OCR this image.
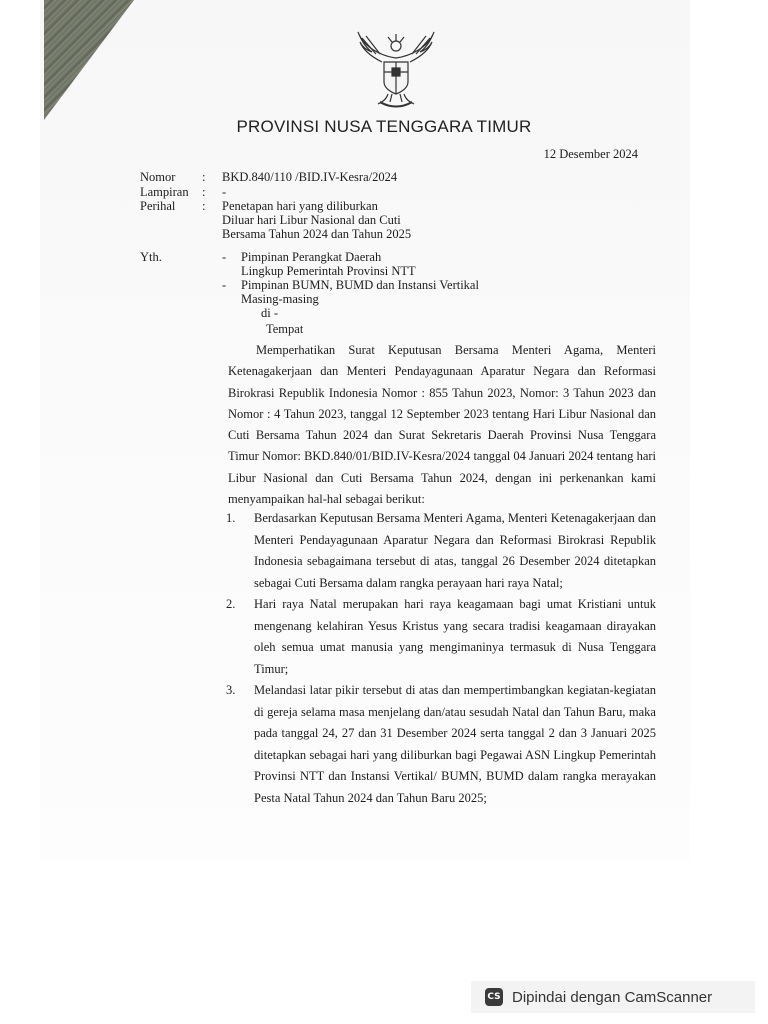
PROVINSI NUSA TENGGARA TIMUR
12 Desember 2024
Nomor : BKD.840/110 /BID.IV-Kesra/2024
Lampiran : -
Perihal : Penetapan hari yang diliburkan
Diluar hari Libur Nasional dan Cuti
Bersama Tahun 2024 dan Tahun 2025
Yth.	- Pimpinan Perangkat Daerah
Lingkup Pemerintah Provinsi NTT
- Pimpinan BUMN, BUMD dan Instansi Vertikal
Masing-masing
di -
Tempat

Memperhatikan Surat Keputusan Bersama Menteri Agama, Menteri Ketenagakerjaan dan Menteri Pendayagunaan Aparatur Negara dan Reformasi Birokrasi Republik Indonesia Nomor : 855 Tahun 2023, Nomor: 3 Tahun 2023 dan Nomor : 4 Tahun 2023, tanggal 12 September 2023 tentang Hari Libur Nasional dan Cuti Bersama Tahun 2024 dan Surat Sekretaris Daerah Provinsi Nusa Tenggara Timur Nomor: BKD.840/01/BID.IV-Kesra/2024 tanggal 04 Januari 2024 tentang hari Libur Nasional dan Cuti Bersama Tahun 2024, dengan ini perkenankan kami menyampaikan hal-hal sebagai berikut:

1.	Berdasarkan Keputusan Bersama Menteri Agama, Menteri Ketenagakerjaan dan Menteri Pendayagunaan Aparatur Negara dan Reformasi Birokrasi Republik Indonesia sebagaimana tersebut di atas, tanggal 26 Desember 2024 ditetapkan sebagai Cuti Bersama dalam rangka perayaan hari raya Natal;
2.	Hari raya Natal merupakan hari raya keagamaan bagi umat Kristiani untuk mengenang kelahiran Yesus Kristus yang secara tradisi keagamaan dirayakan oleh semua umat manusia yang mengimaninya termasuk di Nusa Tenggara Timur;
3.	Melandasi latar pikir tersebut di atas dan mempertimbangkan kegiatan-kegiatan di gereja selama masa menjelang dan/atau sesudah Natal dan Tahun Baru, maka pada tanggal 24, 27 dan 31 Desember 2024 serta tanggal 2 dan 3 Januari 2025 ditetapkan sebagai hari yang diliburkan bagi Pegawai ASN Lingkup Pemerintah Provinsi NTT dan Instansi Vertikal/ BUMN, BUMD dalam rangka merayakan Pesta Natal Tahun 2024 dan Tahun Baru 2025;
CS Dipindai dengan CamScanner
